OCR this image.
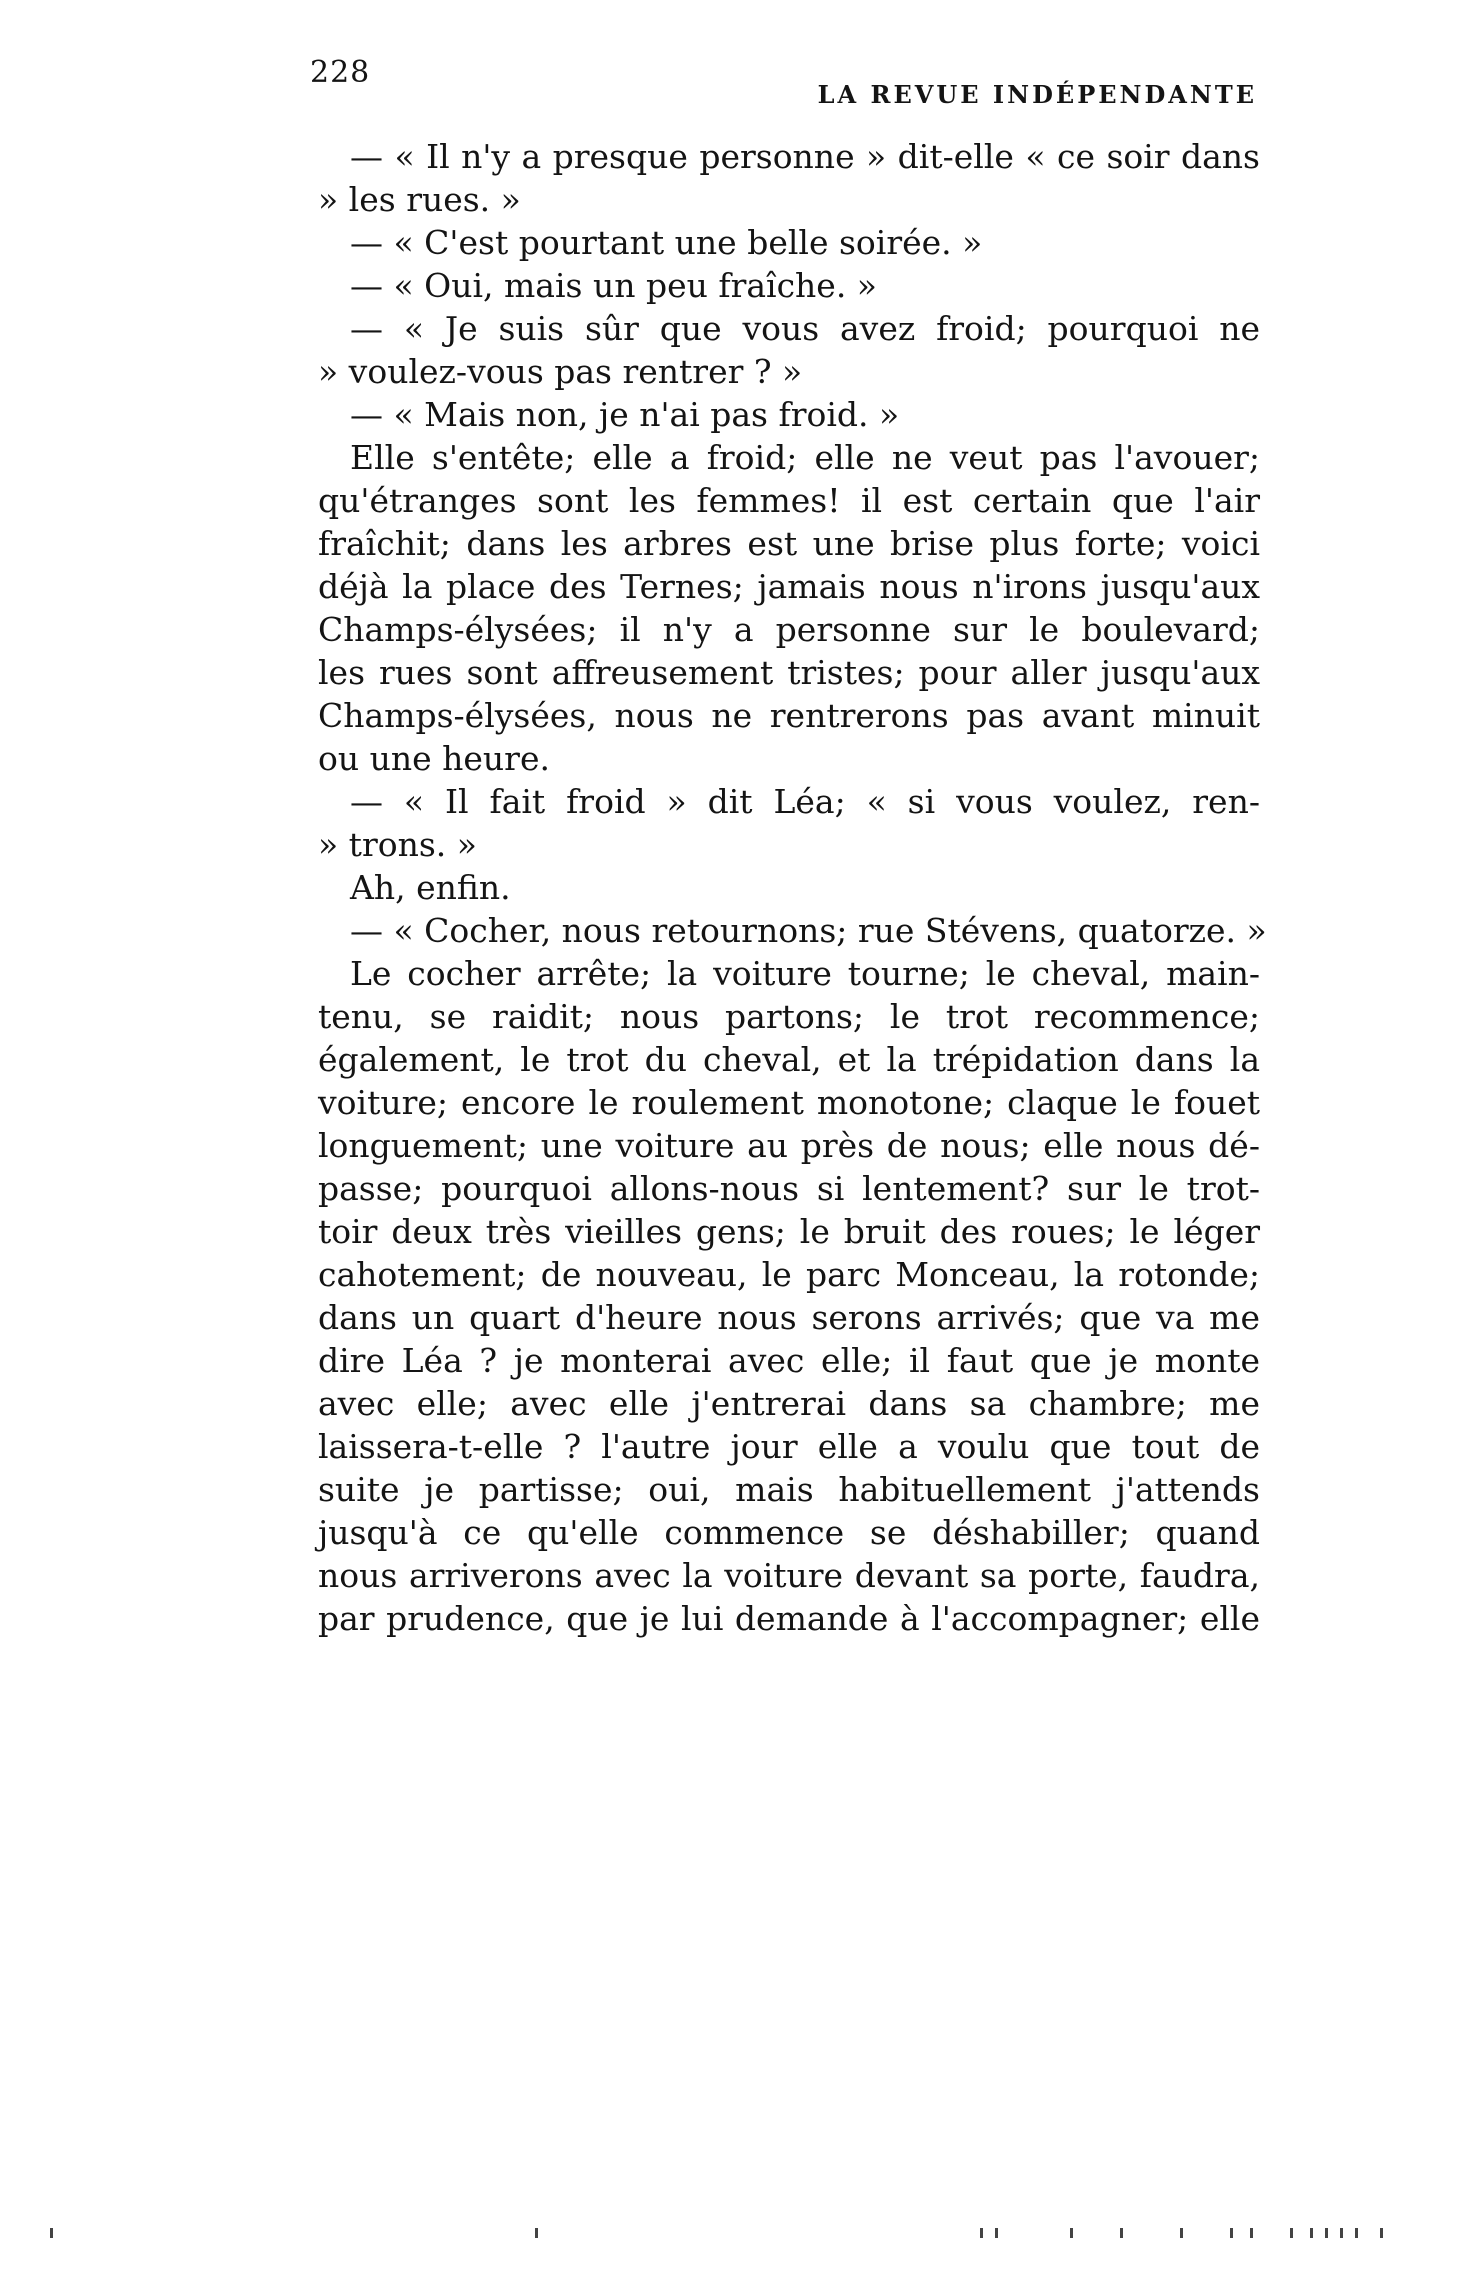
228
LA REVUE INDÉPENDANTE
— « Il n'y a presque personne » dit-elle « ce soir dans
» les rues. »
— « C'est pourtant une belle soirée. »
— « Oui, mais un peu fraîche. »
— « Je suis sûr que vous avez froid; pourquoi ne
» voulez-vous pas rentrer ? »
— « Mais non, je n'ai pas froid. »
Elle s'entête; elle a froid; elle ne veut pas l'avouer;
qu'étranges sont les femmes! il est certain que l'air
fraîchit; dans les arbres est une brise plus forte; voici
déjà la place des Ternes; jamais nous n'irons jusqu'aux
Champs-élysées; il n'y a personne sur le boulevard;
les rues sont affreusement tristes; pour aller jusqu'aux
Champs-élysées, nous ne rentrerons pas avant minuit
ou une heure.
— « Il fait froid » dit Léa; « si vous voulez, ren-
» trons. »
Ah, enfin.
— « Cocher, nous retournons; rue Stévens, quatorze. »
Le cocher arrête; la voiture tourne; le cheval, main-
tenu, se raidit; nous partons; le trot recommence;
également, le trot du cheval, et la trépidation dans la
voiture; encore le roulement monotone; claque le fouet
longuement; une voiture au près de nous; elle nous dé-
passe; pourquoi allons-nous si lentement? sur le trot-
toir deux très vieilles gens; le bruit des roues; le léger
cahotement; de nouveau, le parc Monceau, la rotonde;
dans un quart d'heure nous serons arrivés; que va me
dire Léa ? je monterai avec elle; il faut que je monte
avec elle; avec elle j'entrerai dans sa chambre; me
laissera-t-elle ? l'autre jour elle a voulu que tout de
suite je partisse; oui, mais habituellement j'attends
jusqu'à ce qu'elle commence se déshabiller; quand
nous arriverons avec la voiture devant sa porte, faudra,
par prudence, que je lui demande à l'accompagner; elle
